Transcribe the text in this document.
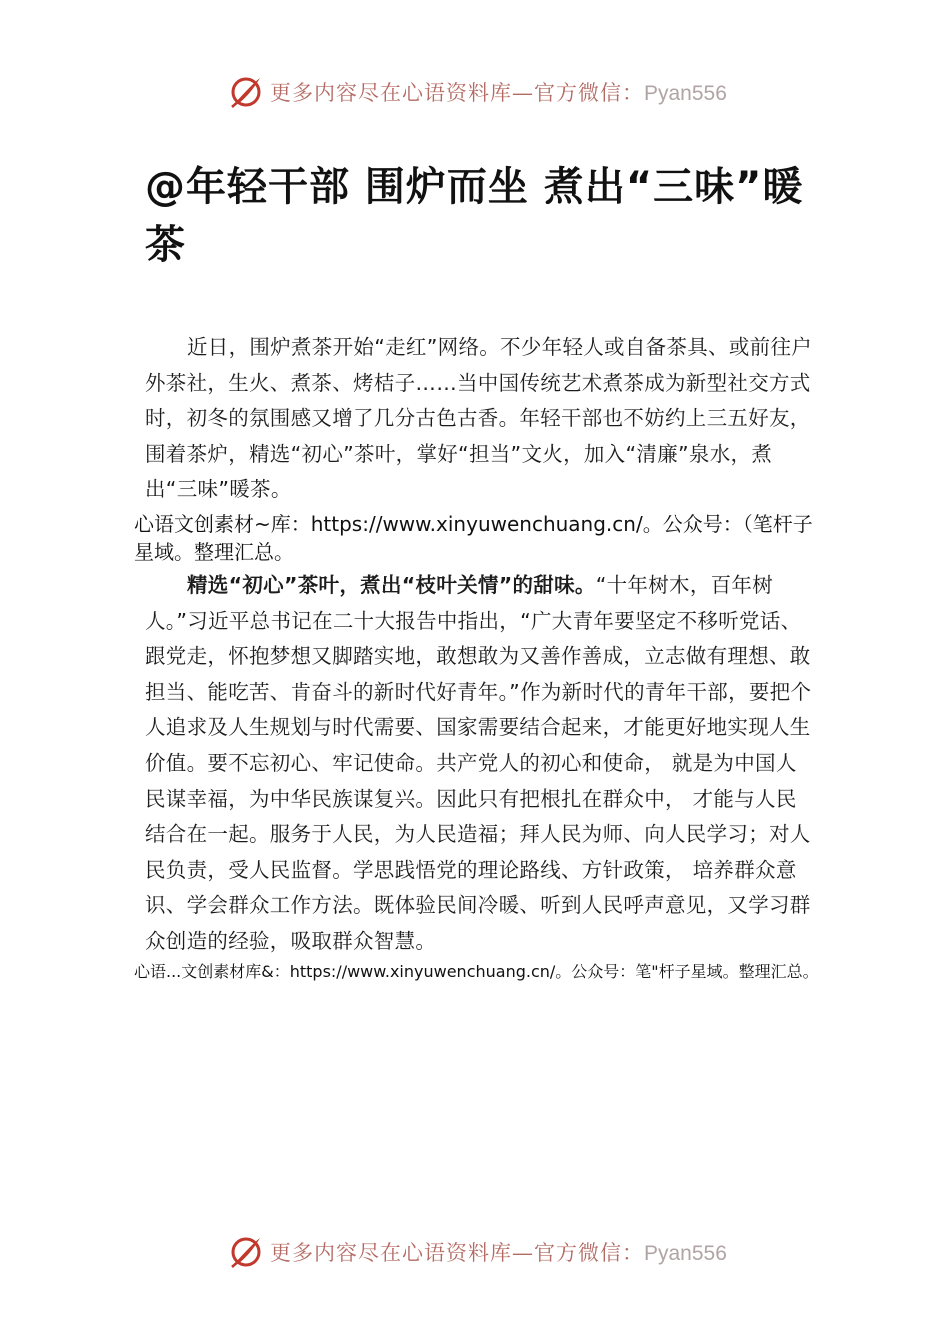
更多内容尽在心语资料库—官方微信：Pyan556
@年轻干部 围炉而坐 煮出“三味”暖茶

近日，围炉煮茶开始“走红”网络。不少年轻人或自备茶具、或前往户外茶社，生火、煮茶、烤桔子……当中国传统艺术煮茶成为新型社交方式时，初冬的氛围感又增了几分古色古香。年轻干部也不妨约上三五好友，围着茶炉，精选“初心”茶叶，掌好“担当”文火，加入“清廉”泉水，煮出“三味”暖茶。

心语文创素材~库：https://www.xinyuwenchuang.cn/。公众号：（笔杆子星域。整理汇总。

精选“初心”茶叶，煮出“枝叶关情”的甜味。“十年树木，百年树人。”习近平总书记在二十大报告中指出，“广大青年要坚定不移听党话、跟党走，怀抱梦想又脚踏实地，敢想敢为又善作善成，立志做有理想、敢担当、能吃苦、肯奋斗的新时代好青年。”作为新时代的青年干部，要把个人追求及人生规划与时代需要、国家需要结合起来，才能更好地实现人生价值。要不忘初心、牢记使命。共产党人的初心和使命， 就是为中国人民谋幸福，为中华民族谋复兴。因此只有把根扎在群众中， 才能与人民结合在一起。服务于人民，为人民造福；拜人民为师、向人民学习；对人民负责，受人民监督。学思践悟党的理论路线、方针政策， 培养群众意识、学会群众工作方法。既体验民间冷暖、听到人民呼声意见，又学习群众创造的经验，吸取群众智慧。

心语...文创素材库&：https://www.xinyuwenchuang.cn/。公众号：笔"杆子星域。整理汇总。

更多内容尽在心语资料库—官方微信：Pyan556
